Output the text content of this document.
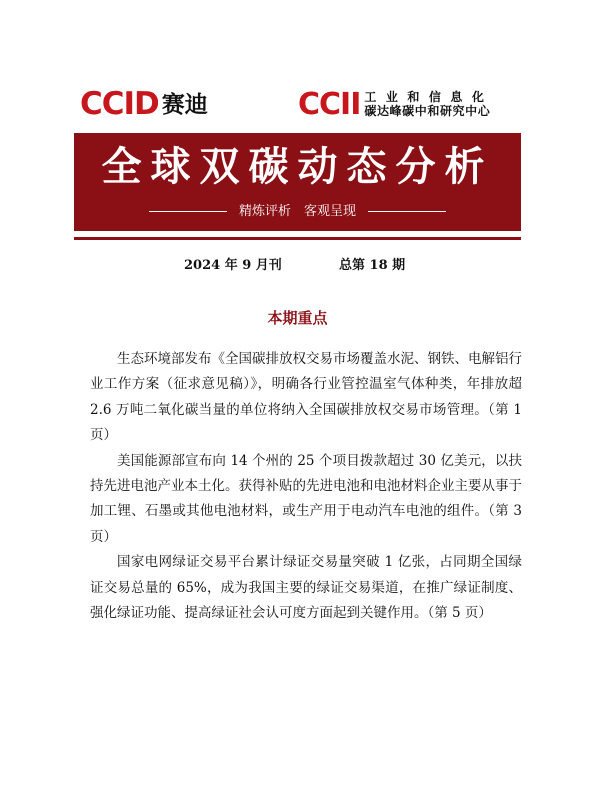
CCID 赛迪	CCII 工业和信息化
碳达峰碳中和研究中心
全球双碳动态分析
精炼评析　客观呈现
2024 年 9 月刊	总第 18 期
本期重点

生态环境部发布《全国碳排放权交易市场覆盖水泥、钢铁、电解铝行业工作方案（征求意见稿）》，明确各行业管控温室气体种类，年排放超 2.6 万吨二氧化碳当量的单位将纳入全国碳排放权交易市场管理。（第 1 页）

美国能源部宣布向 14 个州的 25 个项目拨款超过 30 亿美元，以扶持先进电池产业本土化。获得补贴的先进电池和电池材料企业主要从事于加工锂、石墨或其他电池材料，或生产用于电动汽车电池的组件。（第 3 页）

国家电网绿证交易平台累计绿证交易量突破 1 亿张，占同期全国绿证交易总量的 65%，成为我国主要的绿证交易渠道，在推广绿证制度、强化绿证功能、提高绿证社会认可度方面起到关键作用。（第 5 页）
